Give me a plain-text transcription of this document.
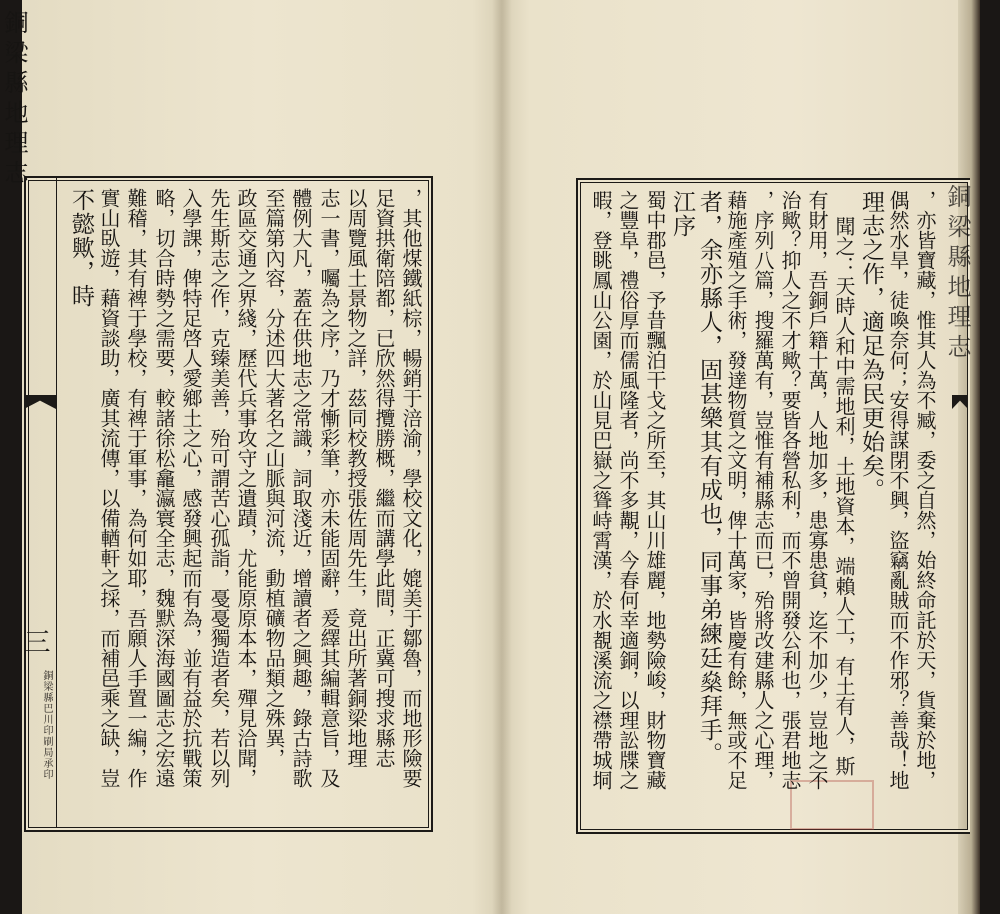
銅梁縣地理志
三
銅梁縣巴川印刷局承印	，其他煤鐵紙棕，暢銷于涪渝，學校文化，媲美于鄒魯，而地形險要
足資拱衛陪都，已欣然得攬勝概，繼而講學此間，正冀可搜求縣志
以周覽風土景物之詳，茲同校教授張佐周先生，竟出所著銅梁地理
志一書，囑為之序，乃才慚彩筆，亦未能固辭，爰繹其編輯意旨，及
體例大凡，蓋在供地志之常識，詞取淺近，增讀者之興趣，錄古詩歌
至篇第內容，分述四大著名之山脈與河流，動植礦物品類之殊異，
政區交通之界綫，歷代兵事攻守之遺蹟，尤能原原本本，殫見洽聞，
先生斯志之作，克臻美善，殆可謂苦心孤詣，戞戞獨造者矣，若以列
入學課，俾特足啓人愛鄉土之心，感發興起而有為，並有益於抗戰策
略，切合時勢之需要，較諸徐松龕瀛寰全志，魏默深海國圖志之宏遠
難稽，其有裨于學校，有裨于軍事，為何如耶，吾願人手置一編，作
實山臥遊，藉資談助，廣其流傳，以備輶軒之採，而補邑乘之缺，豈
不懿歟，時	銅梁縣地理志
，亦皆寶藏，惟其人為不臧，委之自然，始終命託於天，貨棄於地，
偶然水旱，徒喚奈何；安得謀閉不興，盜竊亂賊而不作邪？善哉！地
理志之作，適足為民更始矣。
聞之：天時人和中需地利，土地資本，端賴人工，有土有人，斯
有財用，吾銅戶籍十萬，人地加多，患寡患貧，迄不加少，豈地之不
治歟？抑人之不才歟？要皆各營私利，而不曾開發公利也，張君地志
，序列八篇，搜羅萬有，豈惟有補縣志而已，殆將改建縣人之心理，
藉施產殖之手術，發達物質之文明，俾十萬家，皆慶有餘，無或不足
者，余亦縣人，固甚樂其有成也，同事弟練廷燊拜手。
江序
蜀中郡邑，予昔飄泊干戈之所至，其山川雄麗，地勢險峻，財物寶藏
之豐阜，禮俗厚而儒風隆者，尚不多覯，今春何幸適銅，以理訟牒之
暇，登眺鳳山公園，於山見巴嶽之聳峙霄漢，於水覩溪流之襟帶城垌
